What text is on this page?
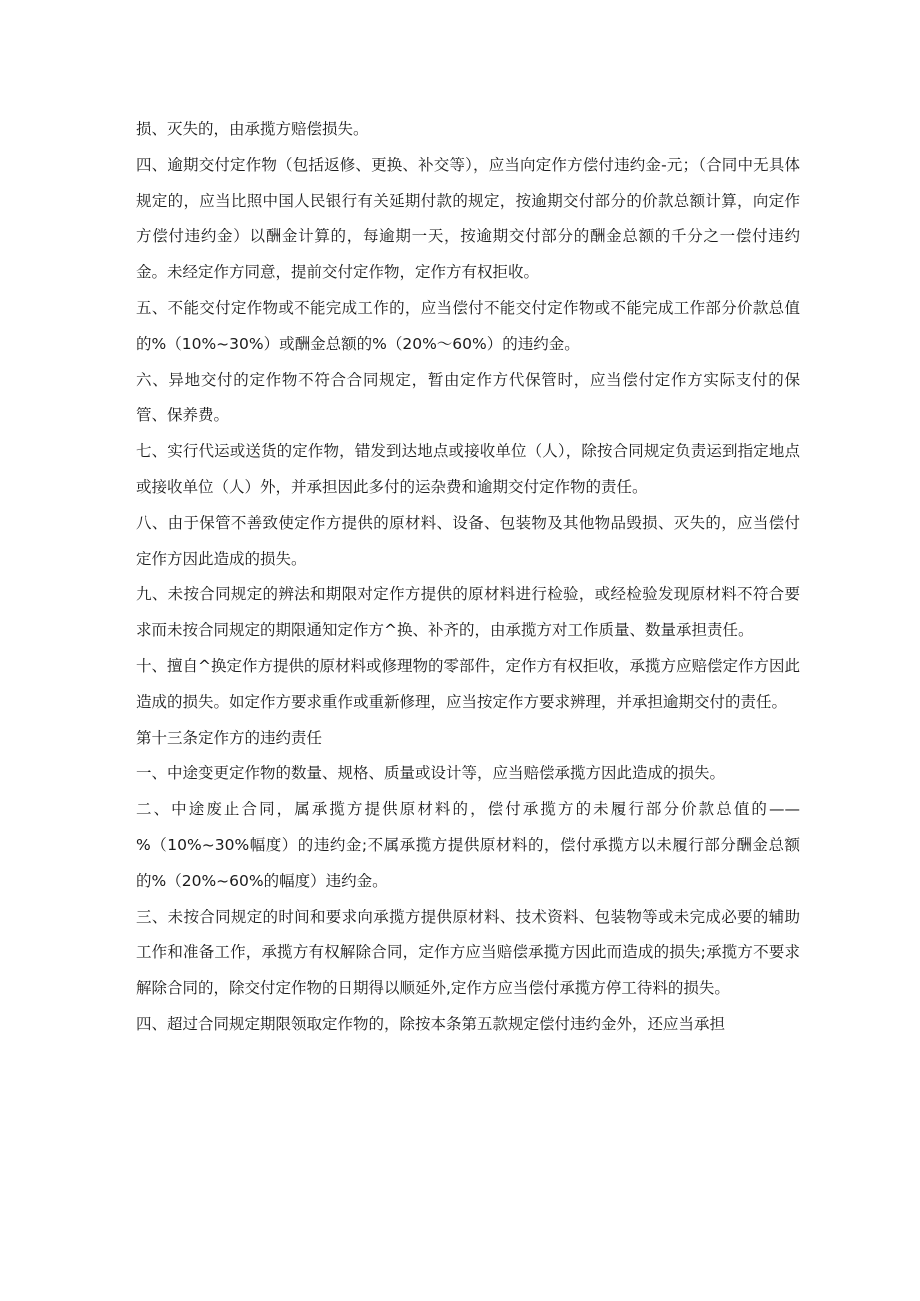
损、灭失的，由承揽方赔偿损失。

四、逾期交付定作物（包括返修、更换、补交等），应当向定作方偿付违约金-元；（合同中无具体规定的，应当比照中国人民银行有关延期付款的规定，按逾期交付部分的价款总额计算，向定作方偿付违约金）以酬金计算的，每逾期一天，按逾期交付部分的酬金总额的千分之一偿付违约金。未经定作方同意，提前交付定作物，定作方有权拒收。

五、不能交付定作物或不能完成工作的，应当偿付不能交付定作物或不能完成工作部分价款总值的%（10%~30%）或酬金总额的%（20%～60%）的违约金。

六、异地交付的定作物不符合合同规定，暂由定作方代保管时，应当偿付定作方实际支付的保管、保养费。

七、实行代运或送货的定作物，错发到达地点或接收单位（人），除按合同规定负责运到指定地点或接收单位（人）外，并承担因此多付的运杂费和逾期交付定作物的责任。

八、由于保管不善致使定作方提供的原材料、设备、包装物及其他物品毁损、灭失的，应当偿付定作方因此造成的损失。

九、未按合同规定的辨法和期限对定作方提供的原材料进行检验，或经检验发现原材料不符合要求而未按合同规定的期限通知定作方^换、补齐的，由承揽方对工作质量、数量承担责任。

十、擅自^换定作方提供的原材料或修理物的零部件，定作方有权拒收，承揽方应赔偿定作方因此造成的损失。如定作方要求重作或重新修理，应当按定作方要求辨理，并承担逾期交付的责任。

第十三条定作方的违约责任

一、中途变更定作物的数量、规格、质量或设计等，应当赔偿承揽方因此造成的损失。

二、中途废止合同，属承揽方提供原材料的，偿付承揽方的未履行部分价款总值的——%（10%~30%幅度）的违约金;不属承揽方提供原材料的，偿付承揽方以未履行部分酬金总额的%（20%~60%的幅度）违约金。

三、未按合同规定的时间和要求向承揽方提供原材料、技术资料、包装物等或未完成必要的辅助工作和准备工作，承揽方有权解除合同，定作方应当赔偿承揽方因此而造成的损失;承揽方不要求解除合同的，除交付定作物的日期得以顺延外,定作方应当偿付承揽方停工待料的损失。

四、超过合同规定期限领取定作物的，除按本条第五款规定偿付违约金外，还应当承担
